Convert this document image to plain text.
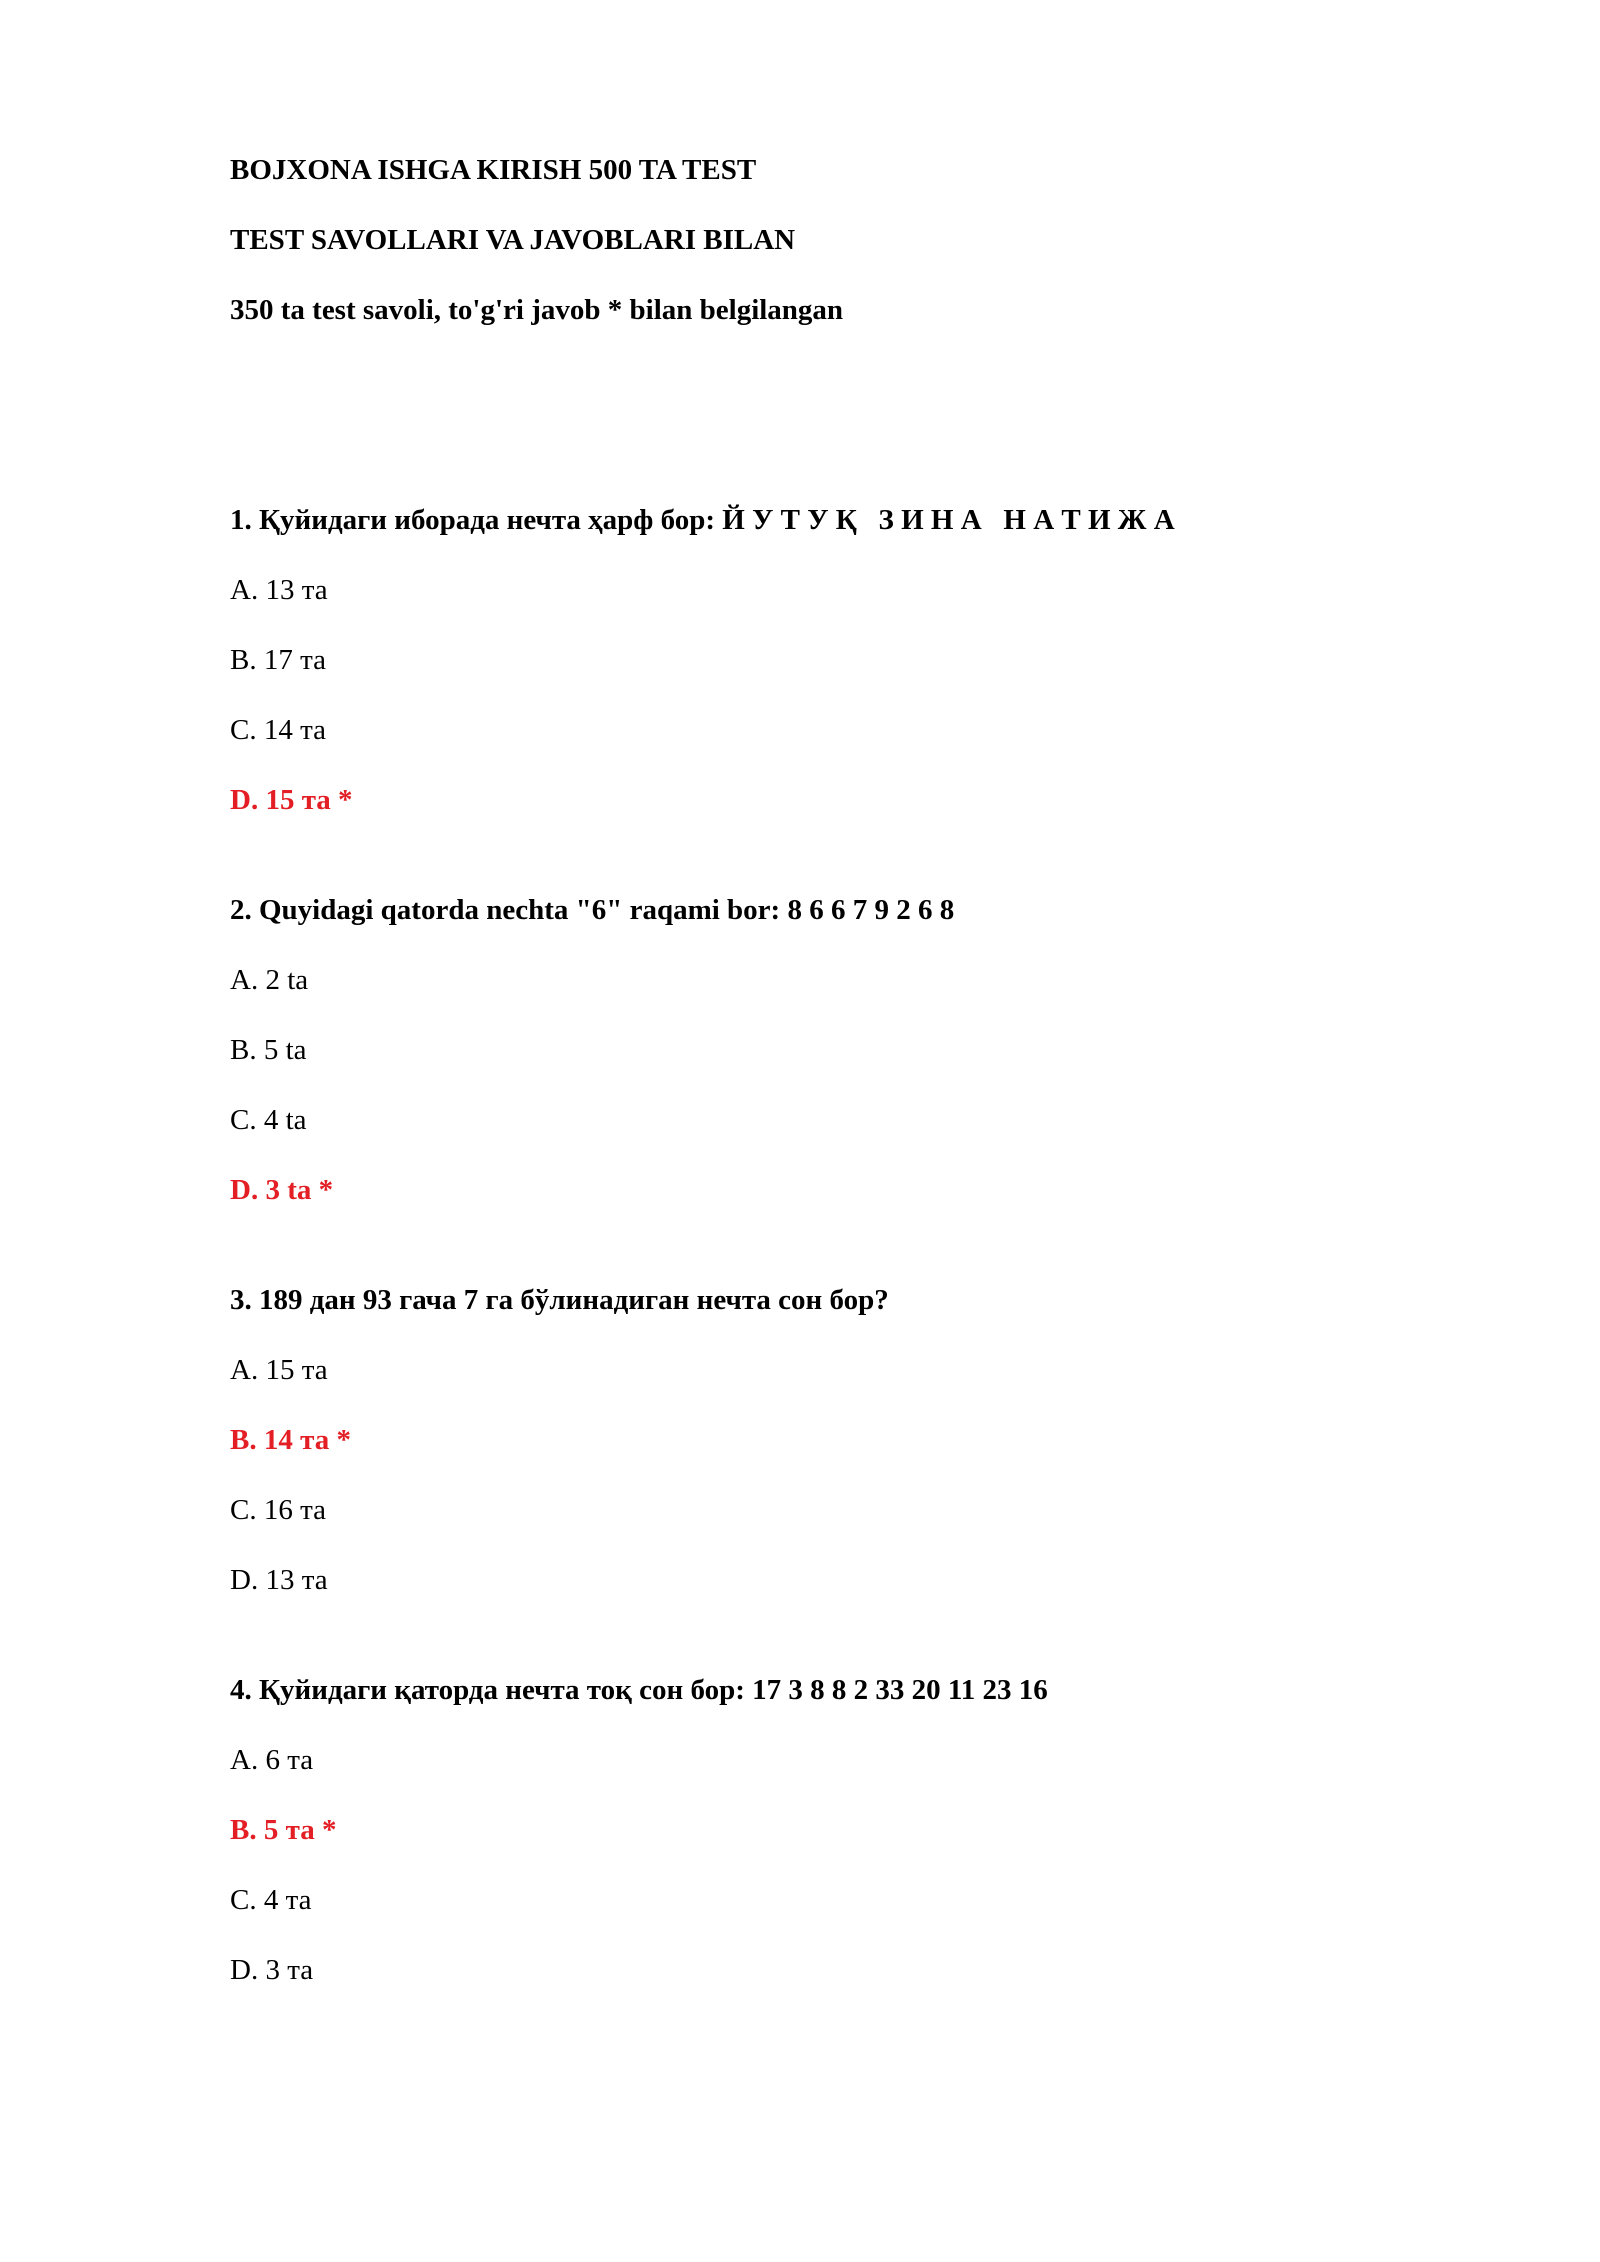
BOJXONA ISHGA KIRISH 500 TA TEST
TEST SAVOLLARI VA JAVOBLARI BILAN
350 ta test savoli, to'g'ri javob * bilan belgilangan
1. Қуйидаги иборада нечта ҳарф бор: Й У Т У Қ   З И Н А   Н А Т И Ж А
A. 13 та
B. 17 та
C. 14 та
D. 15 та *
2. Quyidagi qatorda nechta "6" raqami bor: 8 6 6 7 9 2 6 8
A. 2 ta
B. 5 ta
C. 4 ta
D. 3 ta *
3. 189 дан 93 гача 7 га бўлинадиган нечта сон бор?
A. 15 та
B. 14 та *
C. 16 та
D. 13 та
4. Қуйидаги қаторда нечта тоқ сон бор: 17 3 8 8 2 33 20 11 23 16
A. 6 та
B. 5 та *
C. 4 та
D. 3 та
